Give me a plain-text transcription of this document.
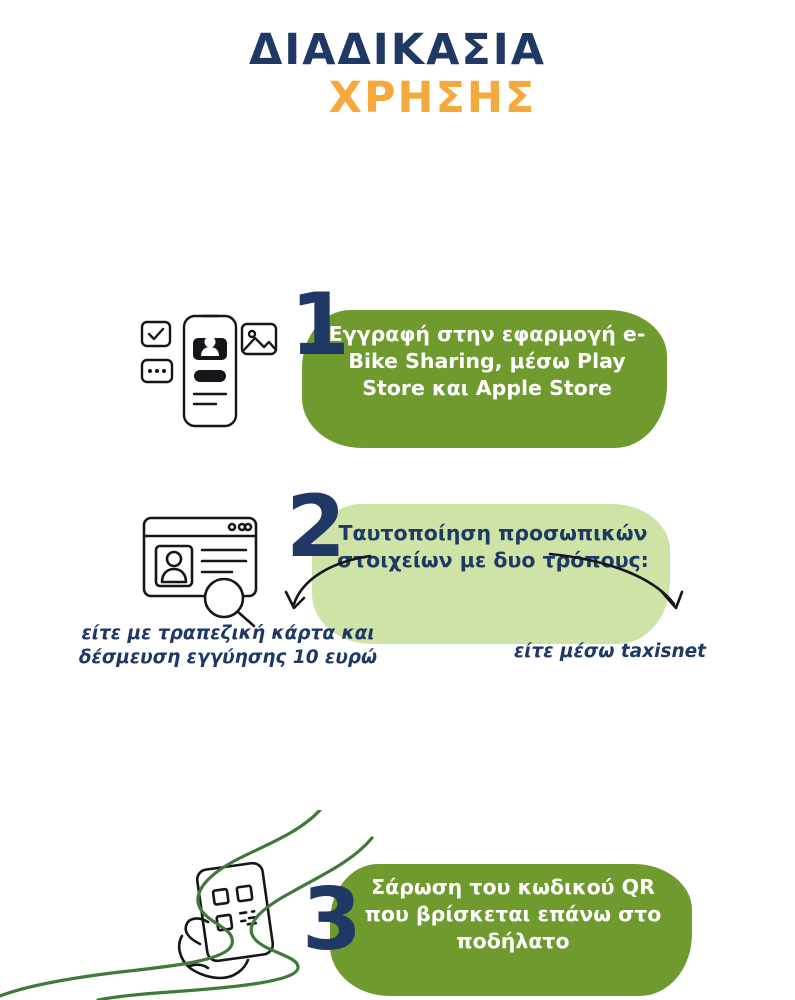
ΔΙΑΔΙΚΑΣΙΑ
ΧΡΗΣΗΣ
1
Εγγραφή στην εφαρμογή e-Bike Sharing, μέσω Play Store και Apple Store
2
Ταυτοποίηση προσωπικών στοιχείων με δυο τρόπους:
είτε με τραπεζική κάρτα και δέσμευση εγγύησης 10 ευρώ	είτε μέσω taxisnet
3 Σάρωση του κωδικού QR που βρίσκεται επάνω στο ποδήλατο
